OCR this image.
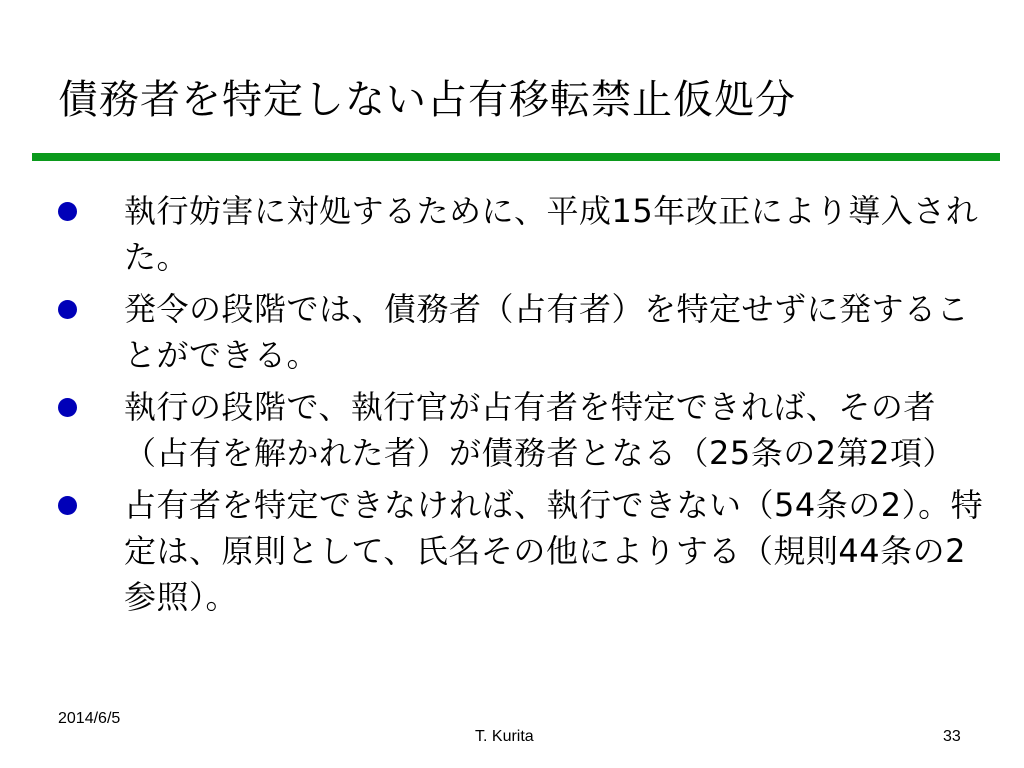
債務者を特定しない占有移転禁止仮処分
執行妨害に対処するために、平成15年改正により導入された。
発令の段階では、債務者（占有者）を特定せずに発することができる。
執行の段階で、執行官が占有者を特定できれば、その者（占有を解かれた者）が債務者となる（25条の2第2項）
占有者を特定できなければ、執行できない（54条の2）。特定は、原則として、氏名その他によりする（規則44条の2参照）。
2014/6/5
T. Kurita	33
